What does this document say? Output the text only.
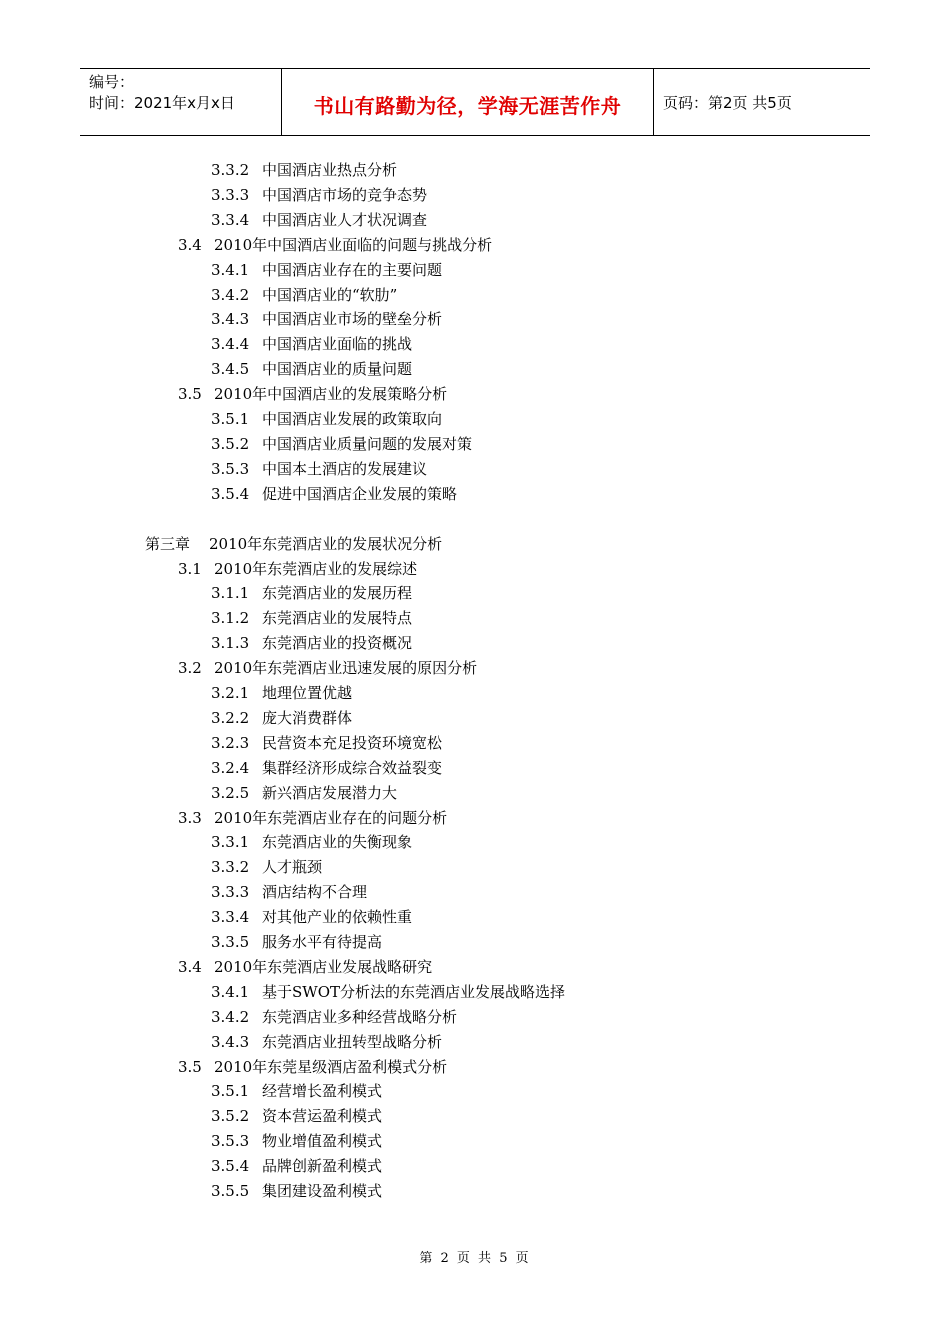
编号：
时间：2021年x月x日	书山有路勤为径，学海无涯苦作舟	页码：第2页 共5页
3.3.2 中国酒店业热点分析
3.3.3 中国酒店市场的竞争态势
3.3.4 中国酒店业人才状况调查
3.4 2010年中国酒店业面临的问题与挑战分析
3.4.1 中国酒店业存在的主要问题
3.4.2 中国酒店业的“软肋”
3.4.3 中国酒店业市场的壁垒分析
3.4.4 中国酒店业面临的挑战
3.4.5 中国酒店业的质量问题
3.5 2010年中国酒店业的发展策略分析
3.5.1 中国酒店业发展的政策取向
3.5.2 中国酒店业质量问题的发展对策
3.5.3 中国本土酒店的发展建议
3.5.4 促进中国酒店企业发展的策略
第三章 2010年东莞酒店业的发展状况分析
3.1 2010年东莞酒店业的发展综述
3.1.1 东莞酒店业的发展历程
3.1.2 东莞酒店业的发展特点
3.1.3 东莞酒店业的投资概况
3.2 2010年东莞酒店业迅速发展的原因分析
3.2.1 地理位置优越
3.2.2 庞大消费群体
3.2.3 民营资本充足投资环境宽松
3.2.4 集群经济形成综合效益裂变
3.2.5 新兴酒店发展潜力大
3.3 2010年东莞酒店业存在的问题分析
3.3.1 东莞酒店业的失衡现象
3.3.2 人才瓶颈
3.3.3 酒店结构不合理
3.3.4 对其他产业的依赖性重
3.3.5 服务水平有待提高
3.4 2010年东莞酒店业发展战略研究
3.4.1 基于SWOT分析法的东莞酒店业发展战略选择
3.4.2 东莞酒店业多种经营战略分析
3.4.3 东莞酒店业扭转型战略分析
3.5 2010年东莞星级酒店盈利模式分析
3.5.1 经营增长盈利模式
3.5.2 资本营运盈利模式
3.5.3 物业增值盈利模式
3.5.4 品牌创新盈利模式
3.5.5 集团建设盈利模式
第 2 页 共 5 页
